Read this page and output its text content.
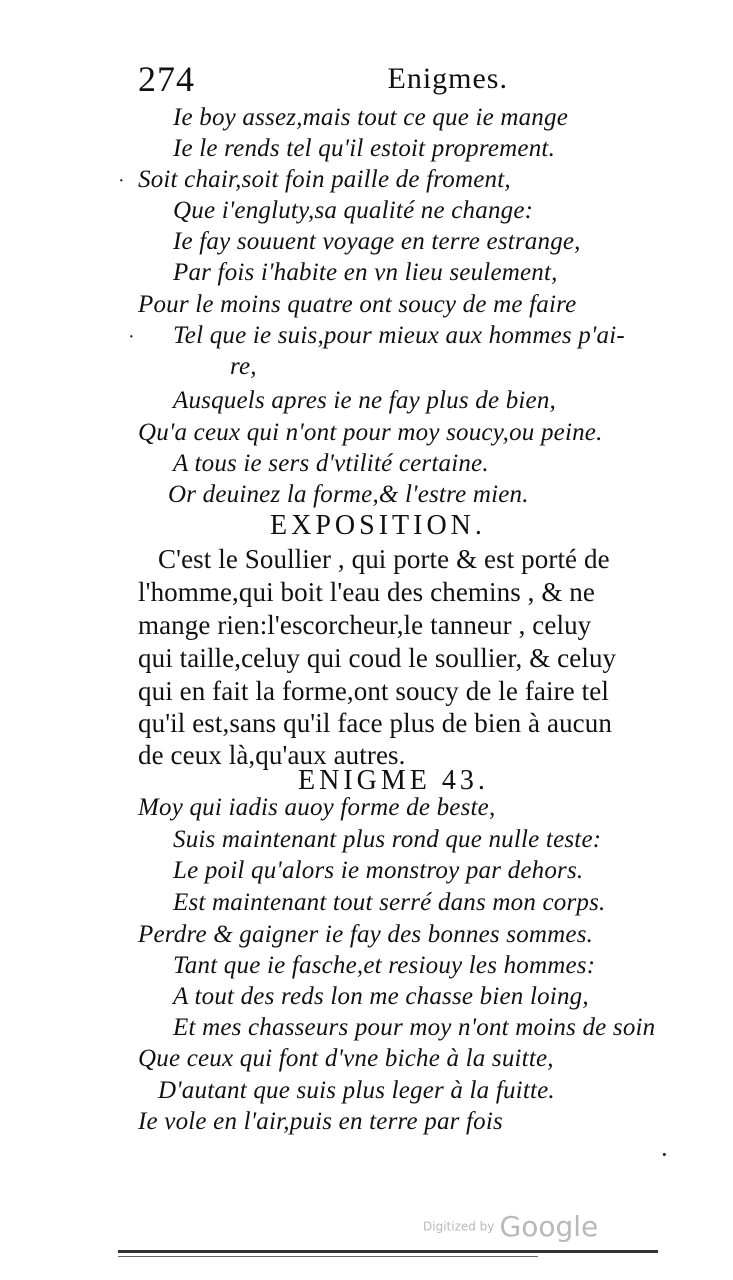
274	Enigmes.
Ie boy assez,mais tout ce que ie mange
Ie le rends tel qu'il estoit proprement.
Soit chair,soit foin paille de froment,
Que i'engluty,sa qualité ne change:
Ie fay souuent voyage en terre estrange,
Par fois i'habite en vn lieu seulement,
Pour le moins quatre ont soucy de me faire
Tel que ie suis,pour mieux aux hommes p'ai-
re,
Ausquels apres ie ne fay plus de bien,
Qu'a ceux qui n'ont pour moy soucy,ou peine.
A tous ie sers d'vtilité certaine.
Or deuinez la forme,& l'estre mien.
EXPOSITION.
C'est le Soullier , qui porte & est porté de
l'homme,qui boit l'eau des chemins , & ne
mange rien:l'escorcheur,le tanneur , celuy
qui taille,celuy qui coud le soullier, & celuy
qui en fait la forme,ont soucy de le faire tel
qu'il est,sans qu'il face plus de bien à aucun
de ceux là,qu'aux autres.
ENIGME 43.
Moy qui iadis auoy forme de beste,
Suis maintenant plus rond que nulle teste:
Le poil qu'alors ie monstroy par dehors.
Est maintenant tout serré dans mon corps.
Perdre & gaigner ie fay des bonnes sommes.
Tant que ie fasche,et resiouy les hommes:
A tout des reds lon me chasse bien loing,
Et mes chasseurs pour moy n'ont moins de soin
Que ceux qui font d'vne biche à la suitte,
D'autant que suis plus leger à la fuitte.
Ie vole en l'air,puis en terre par fois
·
·
·
Digitized by Google
